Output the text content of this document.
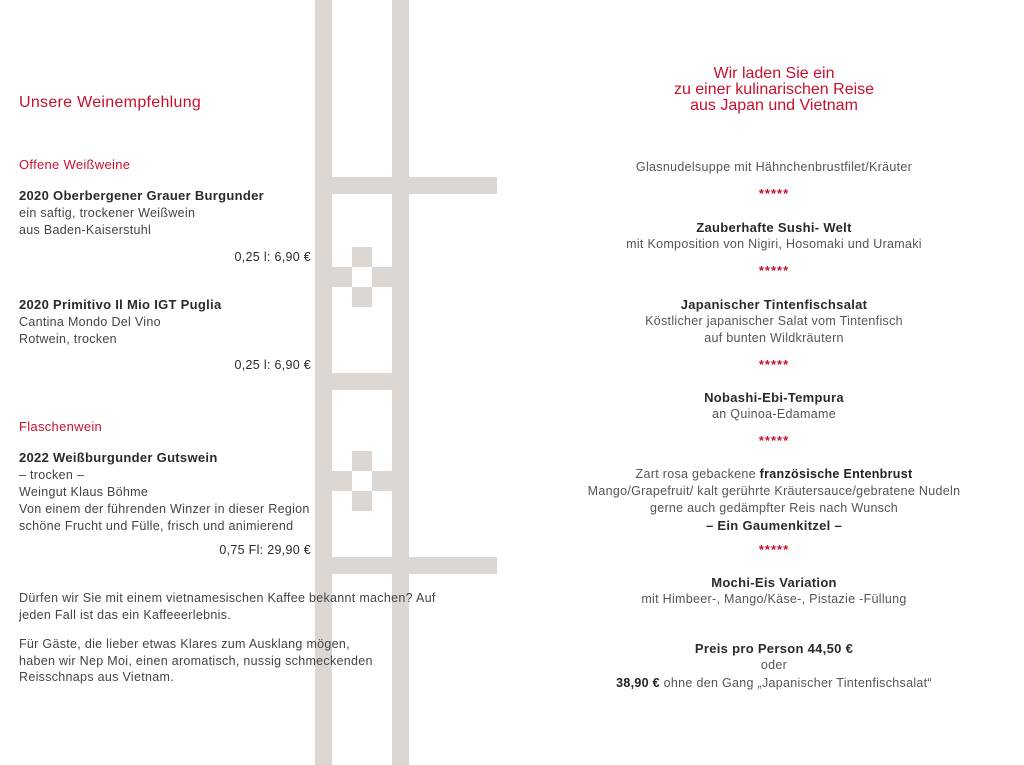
Unsere Weinempfehlung
Offene Weißweine
2020 Oberbergener Grauer Burgunder
ein saftig, trockener Weißwein
aus Baden-Kaiserstuhl
0,25 l: 6,90 €
2020 Primitivo Il Mio IGT Puglia
Cantina Mondo Del Vino
Rotwein, trocken
0,25 l: 6,90 €
Flaschenwein
2022 Weißburgunder Gutswein
– trocken –
Weingut Klaus Böhme
Von einem der führenden Winzer in dieser Region
schöne Frucht und Fülle, frisch und animierend
0,75 Fl: 29,90 €
Dürfen wir Sie mit einem vietnamesischen Kaffee bekannt machen? Auf jeden Fall ist das ein Kaffeeerlebnis.
Für Gäste, die lieber etwas Klares zum Ausklang mögen, haben wir Nep Moi, einen aromatisch, nussig schmeckenden Reisschnaps aus Vietnam.
Wir laden Sie ein
zu einer kulinarischen Reise
aus Japan und Vietnam
Glasnudelsuppe mit Hähnchenbrustfilet/Kräuter
*****
Zauberhafte Sushi- Welt
mit Komposition von Nigiri, Hosomaki und Uramaki
*****
Japanischer Tintenfischsalat
Köstlicher japanischer Salat vom Tintenfisch
auf bunten Wildkräutern
*****
Nobashi-Ebi-Tempura
an Quinoa-Edamame
*****
Zart rosa gebackene französische Entenbrust
Mango/Grapefruit/ kalt gerührte Kräutersauce/gebratene Nudeln
gerne auch gedämpfter Reis nach Wunsch
– Ein Gaumenkitzel –
*****
Mochi-Eis Variation
mit Himbeer-, Mango/Käse-, Pistazie -Füllung
Preis pro Person 44,50 €
oder
38,90 € ohne den Gang „Japanischer Tintenfischsalat“
